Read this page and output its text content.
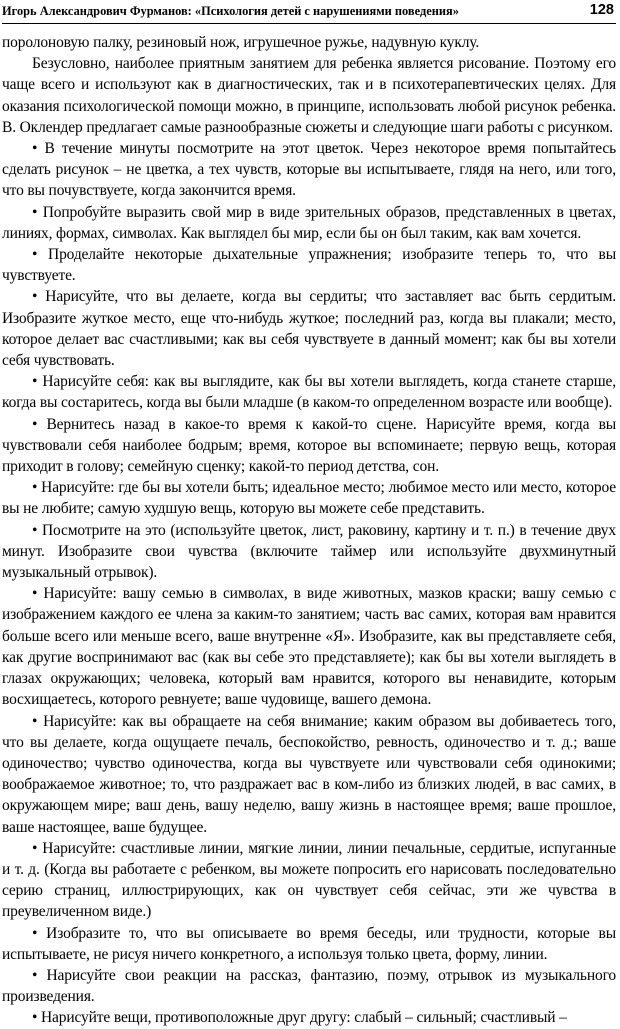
Игорь Александрович Фурманов: «Психология детей с нарушениями поведения»	128

поролоновую палку, резиновый нож, игрушечное ружье, надувную куклу.

Безусловно, наиболее приятным занятием для ребенка является рисование. Поэтому его чаще всего и используют как в диагностических, так и в психотерапевтических целях. Для оказания психологической помощи можно, в принципе, использовать любой рисунок ребенка. В. Оклендер предлагает самые разнообразные сюжеты и следующие шаги работы с рисунком.

• В течение минуты посмотрите на этот цветок. Через некоторое время попытайтесь сделать рисунок – не цветка, а тех чувств, которые вы испытываете, глядя на него, или того, что вы почувствуете, когда закончится время.

• Попробуйте выразить свой мир в виде зрительных образов, представленных в цветах, линиях, формах, символах. Как выглядел бы мир, если бы он был таким, как вам хочется.

• Проделайте некоторые дыхательные упражнения; изобразите теперь то, что вы чувствуете.

• Нарисуйте, что вы делаете, когда вы сердиты; что заставляет вас быть сердитым. Изобразите жуткое место, еще что-нибудь жуткое; последний раз, когда вы плакали; место, которое делает вас счастливыми; как вы себя чувствуете в данный момент; как бы вы хотели себя чувствовать.

• Нарисуйте себя: как вы выглядите, как бы вы хотели выглядеть, когда станете старше, когда вы состаритесь, когда вы были младше (в каком-то определенном возрасте или вообще).

• Вернитесь назад в какое-то время к какой-то сцене. Нарисуйте время, когда вы чувствовали себя наиболее бодрым; время, которое вы вспоминаете; первую вещь, которая приходит в голову; семейную сценку; какой-то период детства, сон.

• Нарисуйте: где бы вы хотели быть; идеальное место; любимое место или место, которое вы не любите; самую худшую вещь, которую вы можете себе представить.

• Посмотрите на это (используйте цветок, лист, раковину, картину и т. п.) в течение двух минут. Изобразите свои чувства (включите таймер или используйте двухминутный музыкальный отрывок).

• Нарисуйте: вашу семью в символах, в виде животных, мазков краски; вашу семью с изображением каждого ее члена за каким-то занятием; часть вас самих, которая вам нравится больше всего или меньше всего, ваше внутренне «Я». Изобразите, как вы представляете себя, как другие воспринимают вас (как вы себе это представляете); как бы вы хотели выглядеть в глазах окружающих; человека, который вам нравится, которого вы ненавидите, которым восхищаетесь, которого ревнуете; ваше чудовище, вашего демона.

• Нарисуйте: как вы обращаете на себя внимание; каким образом вы добиваетесь того, что вы делаете, когда ощущаете печаль, беспокойство, ревность, одиночество и т. д.; ваше одиночество; чувство одиночества, когда вы чувствуете или чувствовали себя одинокими; воображаемое животное; то, что раздражает вас в ком-либо из близких людей, в вас самих, в окружающем мире; ваш день, вашу неделю, вашу жизнь в настоящее время; ваше прошлое, ваше настоящее, ваше будущее.

• Нарисуйте: счастливые линии, мягкие линии, линии печальные, сердитые, испуганные и т. д. (Когда вы работаете с ребенком, вы можете попросить его нарисовать последовательно серию страниц, иллюстрирующих, как он чувствует себя сейчас, эти же чувства в преувеличенном виде.)

• Изобразите то, что вы описываете во время беседы, или трудности, которые вы испытываете, не рисуя ничего конкретного, а используя только цвета, форму, линии.

• Нарисуйте свои реакции на рассказ, фантазию, поэму, отрывок из музыкального произведения.

• Нарисуйте вещи, противоположные друг другу: слабый – сильный; счастливый –
